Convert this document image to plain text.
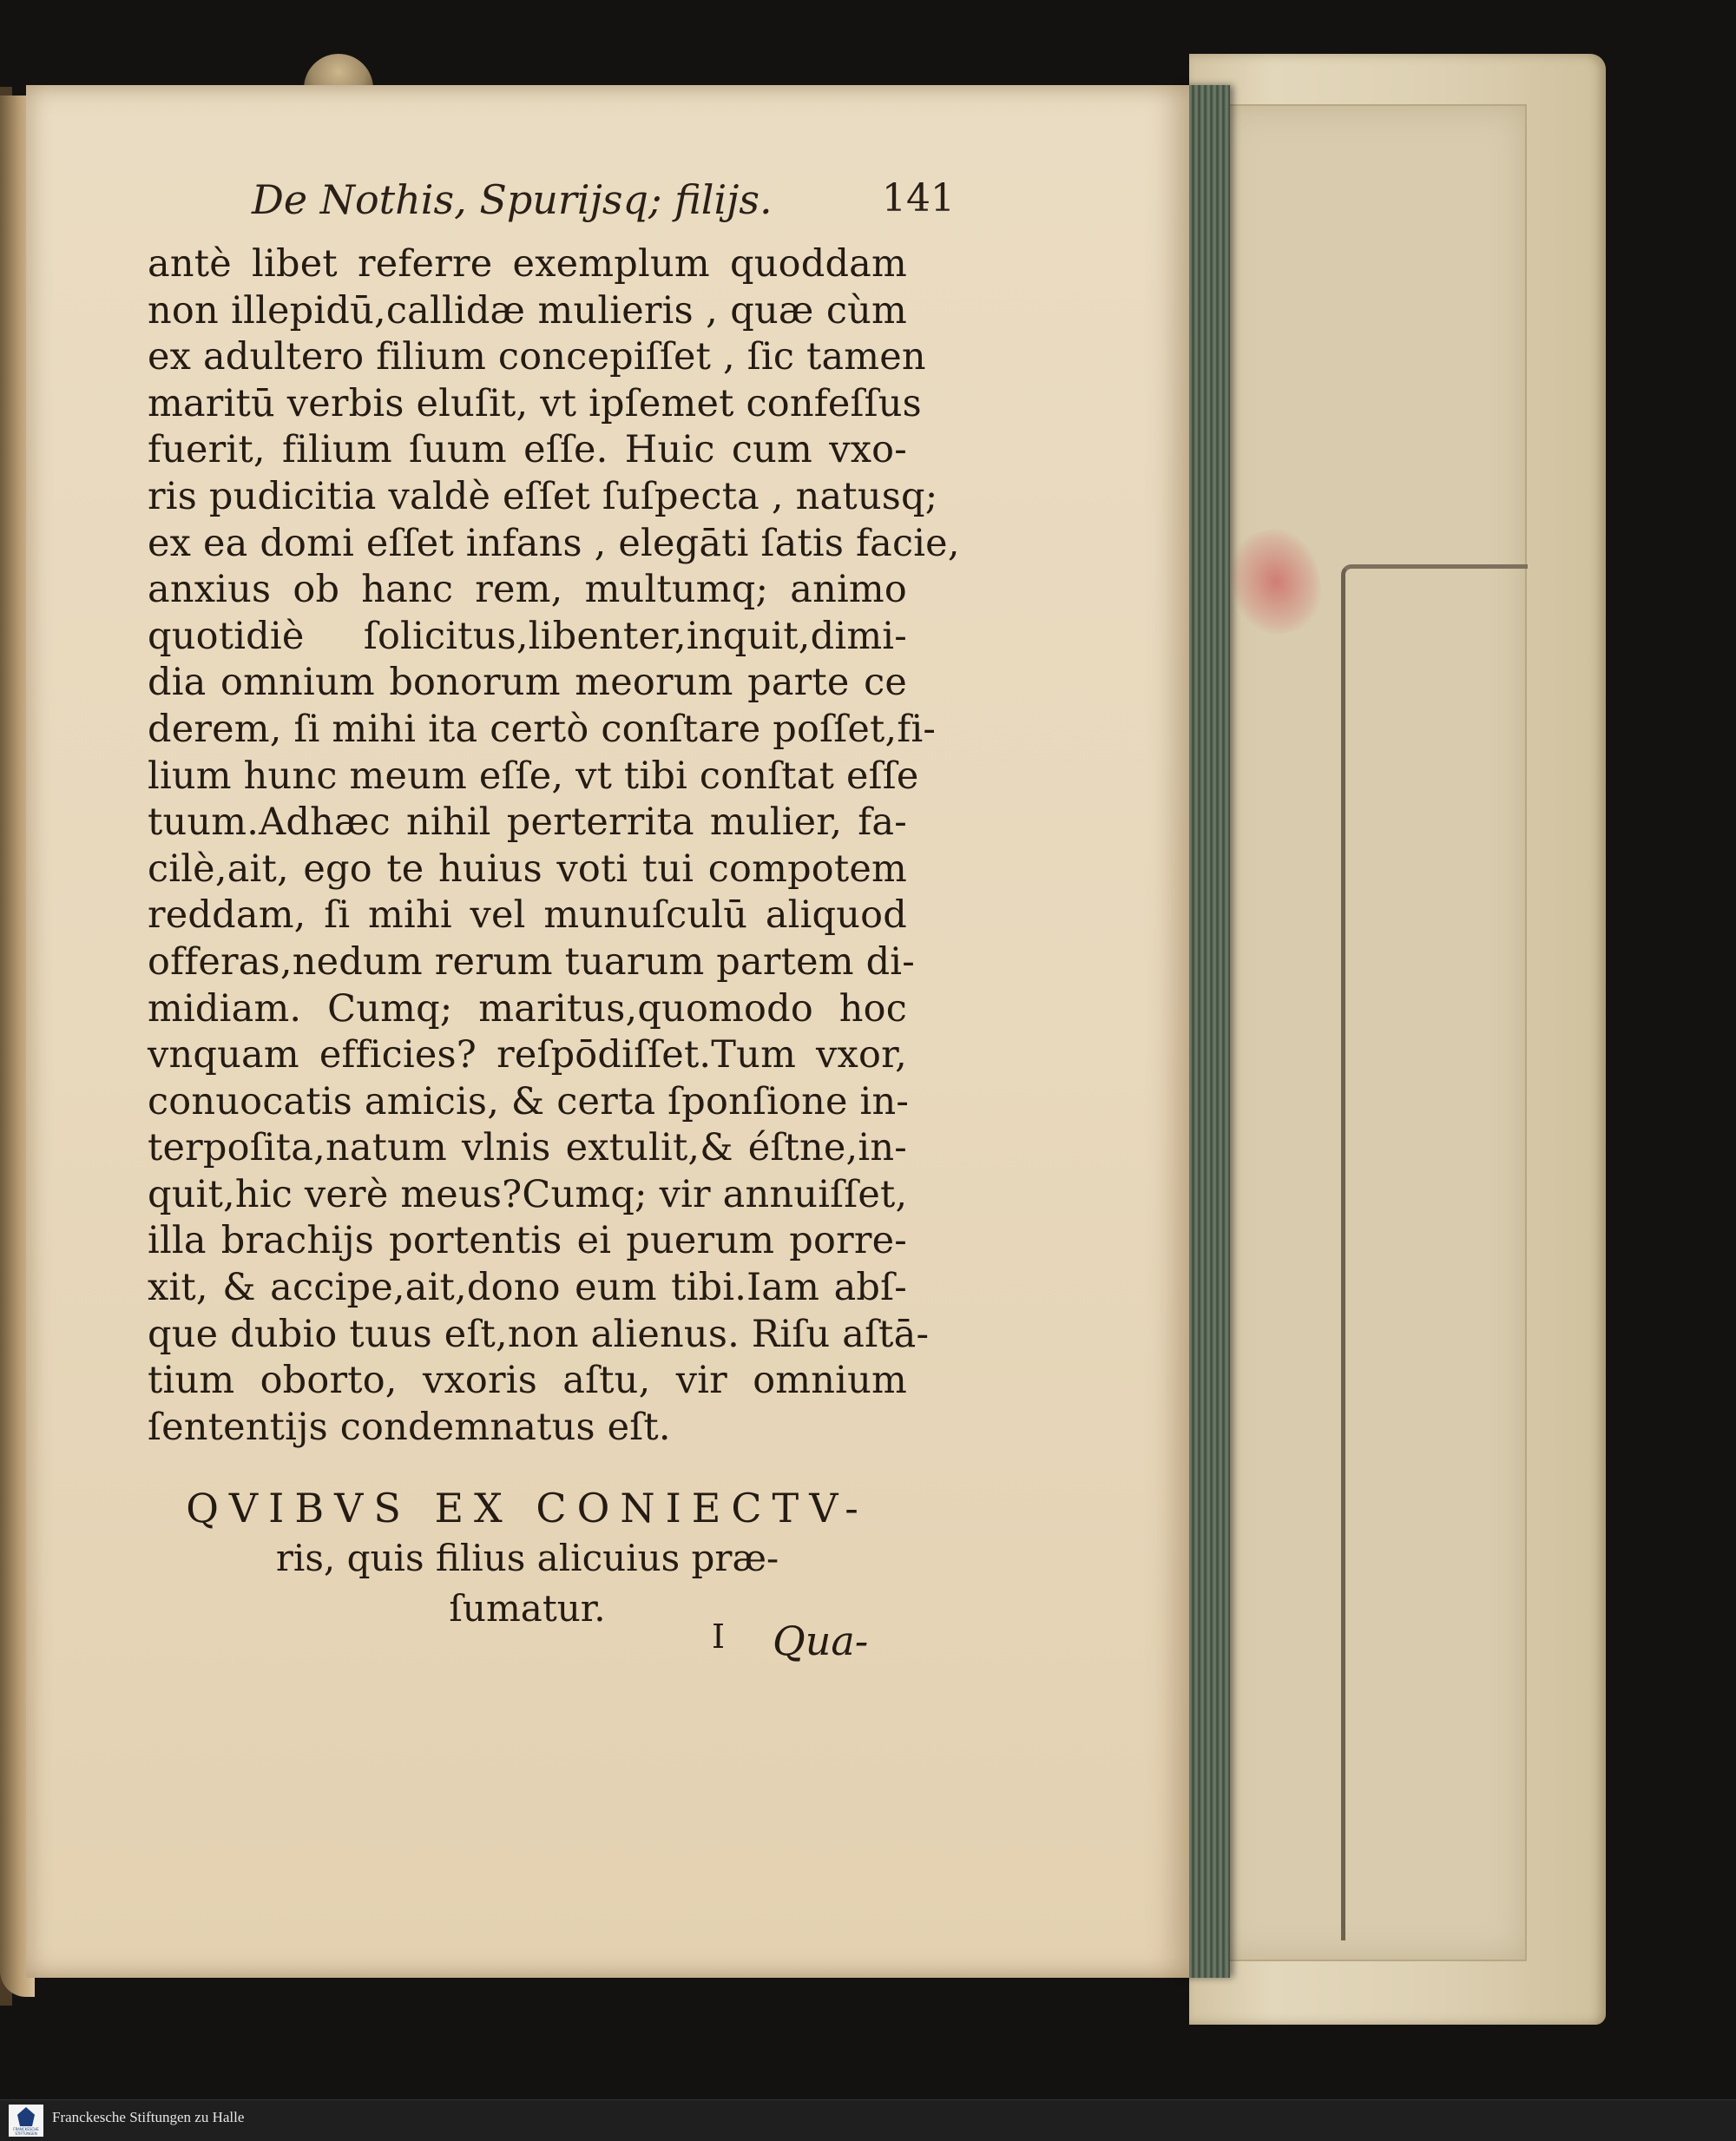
De Nothis, Spurijsq; filijs.	141
antè libet referre exemplum quoddam
non illepidū,callidæ mulieris , quæ cùm
ex adultero filium concepiſſet , ſic tamen
maritū verbis eluſit, vt ipſemet confeſſus
fuerit, filium ſuum eſſe. Huic cum vxo-
ris pudicitia valdè eſſet ſuſpecta , natusq;
ex ea domi eſſet infans , elegāti ſatis facie,
anxius ob hanc rem, multumq; animo
quotidiè ſolicitus,libenter,inquit,dimi-
dia omnium bonorum meorum parte ce
derem, ſi mihi ita certò conſtare poſſet,fi-
lium hunc meum eſſe, vt tibi conſtat eſſe
tuum.Adhæc nihil perterrita mulier, fa-
cilè,ait, ego te huius voti tui compotem
reddam, ſi mihi vel munuſculū aliquod
offeras,nedum rerum tuarum partem di-
midiam. Cumq; maritus,quomodo hoc
vnquam efficies? reſpōdiſſet.Tum vxor,
conuocatis amicis, & certa ſponſione in-
terpoſita,natum vlnis extulit,& éſtne,in-
quit,hic verè meus?Cumq; vir annuiſſet,
illa brachijs portentis ei puerum porre-
xit, & accipe,ait,dono eum tibi.Iam abſ-
que dubio tuus eſt,non alienus. Riſu aſtā-
tium oborto, vxoris aſtu, vir omnium
ſententijs condemnatus eſt.
QVIBVS EX CONIECTV-
ris, quis filius alicuius præ-
ſumatur.
I Qua-
FRANCKESCHE STIFTUNGEN
Franckesche Stiftungen zu Halle
